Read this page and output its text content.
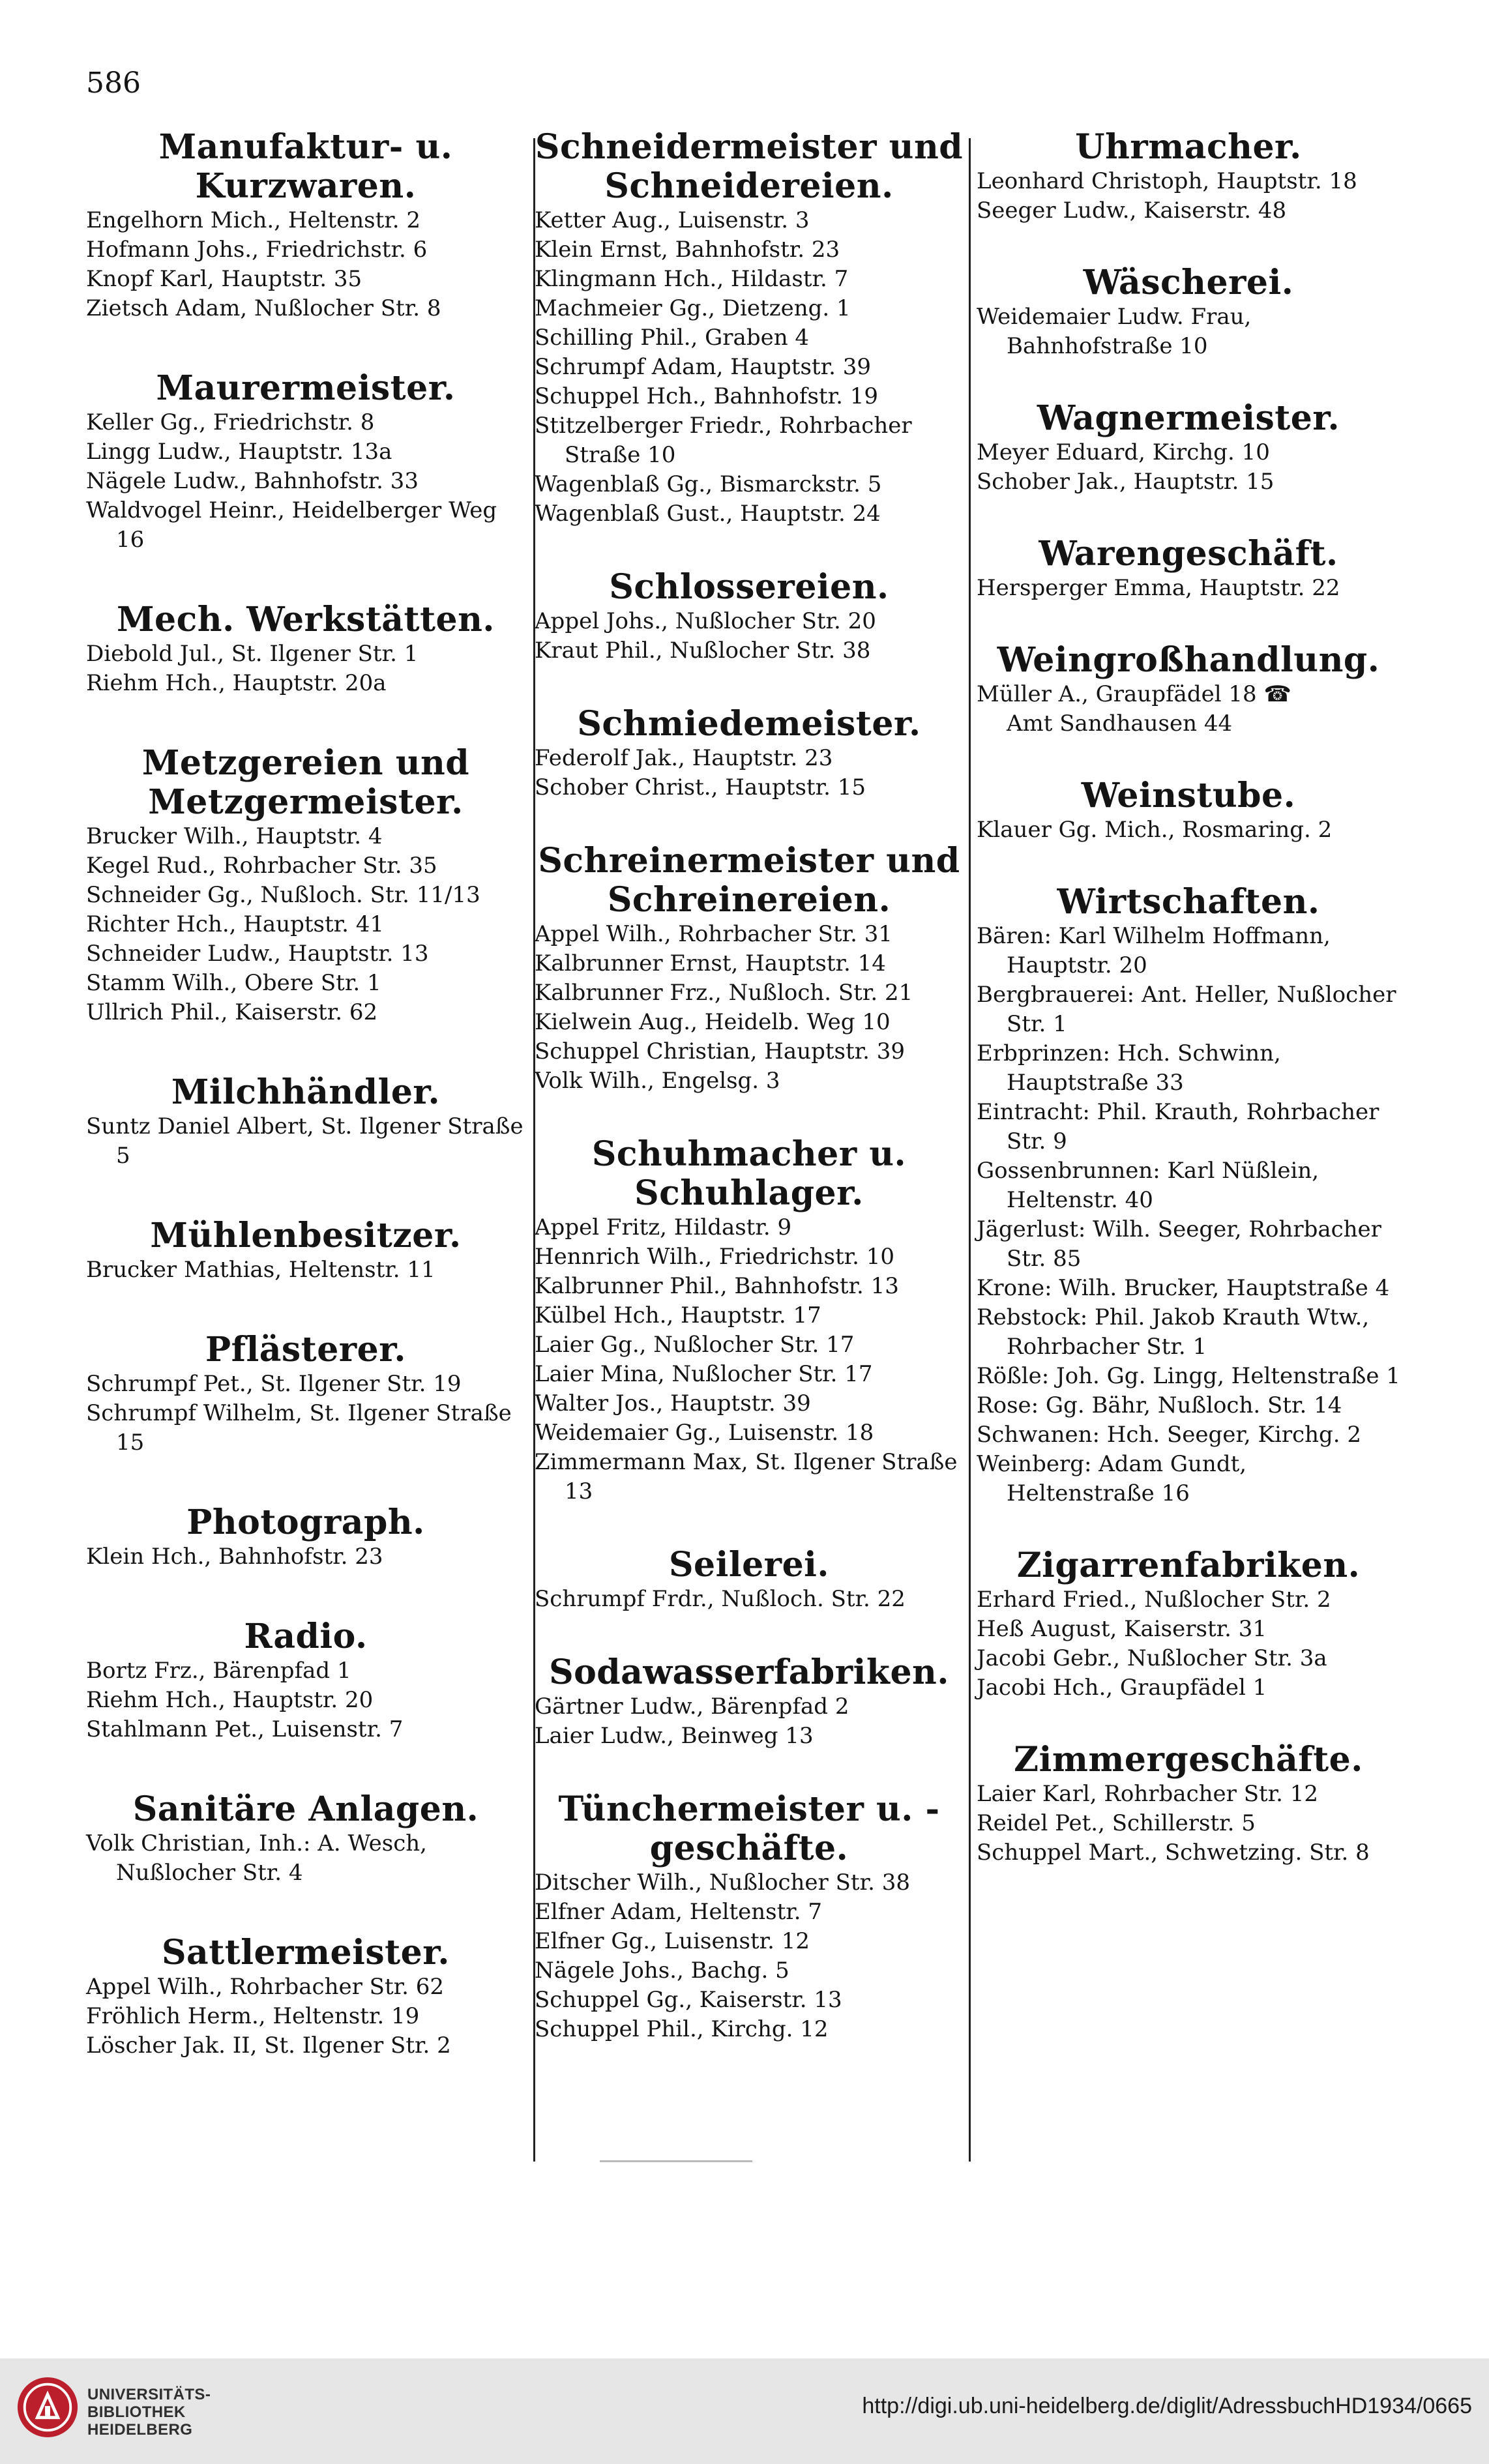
586
Manufaktur- u. Kurzwaren.
Engelhorn Mich., Heltenstr. 2
Hofmann Johs., Friedrichstr. 6
Knopf Karl, Hauptstr. 35
Zietsch Adam, Nußlocher Str. 8
Maurermeister.
Keller Gg., Friedrichstr. 8
Lingg Ludw., Hauptstr. 13a
Nägele Ludw., Bahnhofstr. 33
Waldvogel Heinr., Heidelberger Weg 16
Mech. Werkstätten.
Diebold Jul., St. Ilgener Str. 1
Riehm Hch., Hauptstr. 20a
Metzgereien und Metzgermeister.
Brucker Wilh., Hauptstr. 4
Kegel Rud., Rohrbacher Str. 35
Schneider Gg., Nußloch. Str. 11/13
Richter Hch., Hauptstr. 41
Schneider Ludw., Hauptstr. 13
Stamm Wilh., Obere Str. 1
Ullrich Phil., Kaiserstr. 62
Milchhändler.
Suntz Daniel Albert, St. Ilgener Straße 5
Mühlenbesitzer.
Brucker Mathias, Heltenstr. 11
Pflästerer.
Schrumpf Pet., St. Ilgener Str. 19
Schrumpf Wilhelm, St. Ilgener Straße 15
Photograph.
Klein Hch., Bahnhofstr. 23
Radio.
Bortz Frz., Bärenpfad 1
Riehm Hch., Hauptstr. 20
Stahlmann Pet., Luisenstr. 7
Sanitäre Anlagen.
Volk Christian, Inh.: A. Wesch, Nußlocher Str. 4
Sattlermeister.
Appel Wilh., Rohrbacher Str. 62
Fröhlich Herm., Heltenstr. 19
Löscher Jak. II, St. Ilgener Str. 2
Schneidermeister und Schneidereien.
Ketter Aug., Luisenstr. 3
Klein Ernst, Bahnhofstr. 23
Klingmann Hch., Hildastr. 7
Machmeier Gg., Dietzeng. 1
Schilling Phil., Graben 4
Schrumpf Adam, Hauptstr. 39
Schuppel Hch., Bahnhofstr. 19
Stitzelberger Friedr., Rohrbacher Straße 10
Wagenblaß Gg., Bismarckstr. 5
Wagenblaß Gust., Hauptstr. 24
Schlossereien.
Appel Johs., Nußlocher Str. 20
Kraut Phil., Nußlocher Str. 38
Schmiedemeister.
Federolf Jak., Hauptstr. 23
Schober Christ., Hauptstr. 15
Schreinermeister und Schreinereien.
Appel Wilh., Rohrbacher Str. 31
Kalbrunner Ernst, Hauptstr. 14
Kalbrunner Frz., Nußloch. Str. 21
Kielwein Aug., Heidelb. Weg 10
Schuppel Christian, Hauptstr. 39
Volk Wilh., Engelsg. 3
Schuhmacher u. Schuhlager.
Appel Fritz, Hildastr. 9
Hennrich Wilh., Friedrichstr. 10
Kalbrunner Phil., Bahnhofstr. 13
Külbel Hch., Hauptstr. 17
Laier Gg., Nußlocher Str. 17
Laier Mina, Nußlocher Str. 17
Walter Jos., Hauptstr. 39
Weidemaier Gg., Luisenstr. 18
Zimmermann Max, St. Ilgener Straße 13
Seilerei.
Schrumpf Frdr., Nußloch. Str. 22
Sodawasserfabriken.
Gärtner Ludw., Bärenpfad 2
Laier Ludw., Beinweg 13
Tünchermeister u. -geschäfte.
Ditscher Wilh., Nußlocher Str. 38
Elfner Adam, Heltenstr. 7
Elfner Gg., Luisenstr. 12
Nägele Johs., Bachg. 5
Schuppel Gg., Kaiserstr. 13
Schuppel Phil., Kirchg. 12
Uhrmacher.
Leonhard Christoph, Hauptstr. 18
Seeger Ludw., Kaiserstr. 48
Wäscherei.
Weidemaier Ludw. Frau, Bahnhofstraße 10
Wagnermeister.
Meyer Eduard, Kirchg. 10
Schober Jak., Hauptstr. 15
Warengeschäft.
Hersperger Emma, Hauptstr. 22
Weingroßhandlung.
Müller A., Graupfädel 18 ☎
Amt Sandhausen 44
Weinstube.
Klauer Gg. Mich., Rosmaring. 2
Wirtschaften.
Bären: Karl Wilhelm Hoffmann, Hauptstr. 20
Bergbrauerei: Ant. Heller, Nußlocher Str. 1
Erbprinzen: Hch. Schwinn, Hauptstraße 33
Eintracht: Phil. Krauth, Rohrbacher Str. 9
Gossenbrunnen: Karl Nüßlein, Heltenstr. 40
Jägerlust: Wilh. Seeger, Rohrbacher Str. 85
Krone: Wilh. Brucker, Hauptstraße 4
Rebstock: Phil. Jakob Krauth Wtw., Rohrbacher Str. 1
Rößle: Joh. Gg. Lingg, Heltenstraße 1
Rose: Gg. Bähr, Nußloch. Str. 14
Schwanen: Hch. Seeger, Kirchg. 2
Weinberg: Adam Gundt, Heltenstraße 16
Zigarrenfabriken.
Erhard Fried., Nußlocher Str. 2
Heß August, Kaiserstr. 31
Jacobi Gebr., Nußlocher Str. 3a
Jacobi Hch., Graupfädel 1
Zimmergeschäfte.
Laier Karl, Rohrbacher Str. 12
Reidel Pet., Schillerstr. 5
Schuppel Mart., Schwetzing. Str. 8
UNIVERSITÄTS-
BIBLIOTHEK
HEIDELBERG
http://digi.ub.uni-heidelberg.de/diglit/AdressbuchHD1934/0665
